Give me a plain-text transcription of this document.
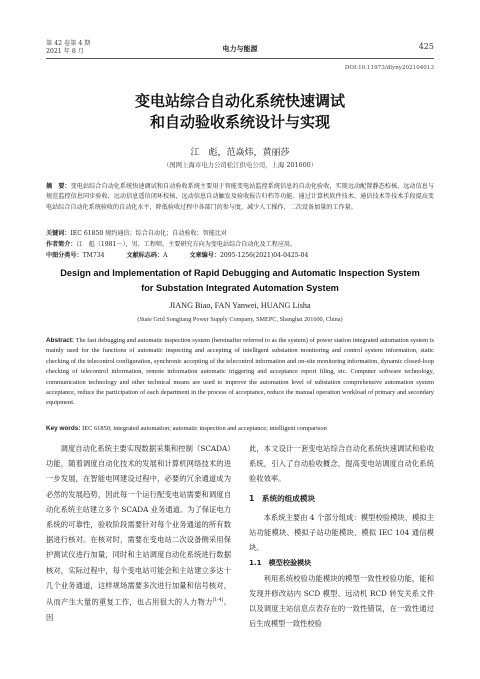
第 42 卷第 4 期
2021 年 8 月	电力与能源	425
DOI:10.11973/dlyny202104013
变电站综合自动化系统快速调试
和自动验收系统设计与实现
江　彪，范焱炜，黄丽莎
（国网上海市电力公司松江供电公司，上海 201600）
摘　要：变电站综合自动化系统快速调试和自动验收系统主要用于智能变电站监控系统信息的自动化验收，实现远动配置静态校核、远动信息与规范监控信息同步验收、远动信息遥信闭环校核、远动信息自动触发及验收报告归档等功能。通过计算机软件技术、通信技术等技术手段提高变电站综合自动化系统验收的自动化水平，降低验收过程中各部门的参与度，减少人工操作，二次设备加量的工作量。
关键词：IEC 61850 规约通信；综合自动化；自动验收；智能比对
作者简介：江　彪（1981－），男，工程师，主要研究方向为变电站综合自动化及工程应用。
中图分类号：TM734	文献标志码：A	文章编号：2095-1256(2021)04-0425-04
Design and Implementation of Rapid Debugging and Automatic Inspection System
for Substation Integrated Automation System
JIANG Biao, FAN Yanwei, HUANG Lisha
(State Grid Songjiang Power Supply Company, SMEPC, Shanghai 201600, China)
Abstract: The fast debugging and automatic inspection system (hereinafter referred to as the system) of power station integrated automation system is mainly used for the functions of automatic inspecting and accepting of intelligent substation monitoring and control system information, static checking of the telecontrol configuration, synchronic accepting of the telecontrol information and on-site monitoring information, dynamic closed-loop checking of telecontrol information, remote information automatic triggering and acceptance report filing, etc. Computer software technology, communication technology and other technical means are used to improve the automation level of substation comprehensive automation system acceptance, reduce the participation of each department in the process of acceptance, reduce the manual operation workload of primary and secondary equipment.
Key words: IEC 61850; integrated automation; automatic inspection and acceptance; intelligent comparison
调度自动化系统主要实现数据采集和控制（SCADA）功能，随着调度自动化技术的发展和计算机网络技术的进一步发展，在智能电网建设过程中，必要的冗余通道成为必然的发展趋势，因此每一个运行配变电站需要和调度自动化系统主站建立多个 SCADA 业务通道。为了保证电力系统的可靠性，验收阶段需要针对每个业务通道的所有数据进行核对。在核对时，需要在变电站二次设备侧采用保护测试仪进行加量，同时和主站调度自动化系统进行数据核对，实际过程中，每个变电站可能会和主站建立多达十几个业务通道，这样规场需要多次进行加量和信号核对，从而产生大量的重复工作，也占用很大的人力物力[1-4]。因
此，本文设计一套变电站综合自动化系统快速调试和验收系统，引入了自动验收概念，提高变电站调度自动化系统验收效率。
1　系统的组成模块
本系统主要由 4 个部分组成：模型校验模块、模拟主站功能模块、模拟子站功能模块、模拟 IEC 104 通信模块。
1.1　模型校验模块
利用系统校验功能模块的模型一致性校验功能，能和发现并修改站内 SCD 模型、远动机 RCD 转发关系文件以及调度主站信息点表存在的一致性错误，在一致性通过后生成模型一致性校验
